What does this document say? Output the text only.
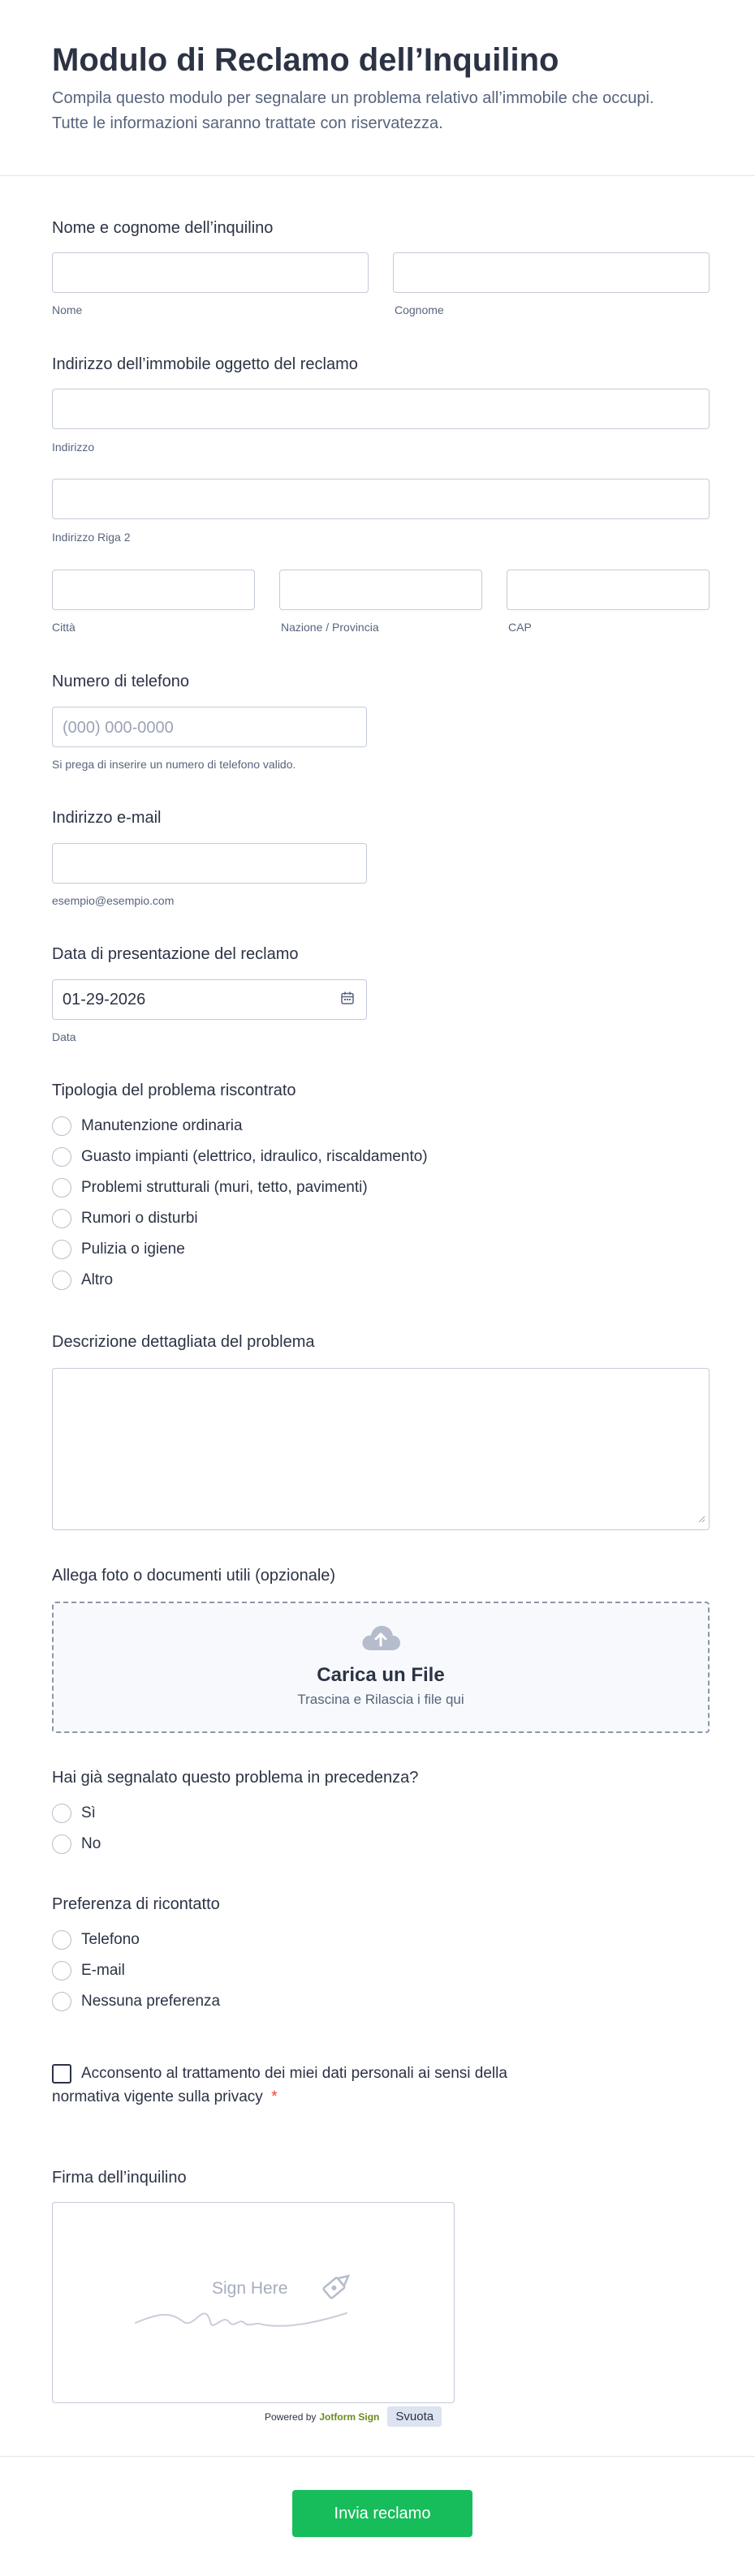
Modulo di Reclamo dell’Inquilino

Compila questo modulo per segnalare un problema relativo all’immobile che occupi.
Tutte le informazioni saranno trattate con riservatezza.

Nome e cognome dell’inquilino
Nome	Cognome
Indirizzo dell’immobile oggetto del reclamo
Indirizzo
Indirizzo Riga 2
Città	Nazione / Provincia	CAP
Numero di telefono
(000) 000-0000
Si prega di inserire un numero di telefono valido.
Indirizzo e-mail
esempio@esempio.com
Data di presentazione del reclamo
01-29-2026
Data
Tipologia del problema riscontrato
Manutenzione ordinaria
Guasto impianti (elettrico, idraulico, riscaldamento)
Problemi strutturali (muri, tetto, pavimenti)
Rumori o disturbi
Pulizia o igiene
Altro
Descrizione dettagliata del problema
Allega foto o documenti utili (opzionale)
Carica un File
Trascina e Rilascia i file qui
Hai già segnalato questo problema in precedenza?
Sì
No
Preferenza di ricontatto
Telefono
E-mail
Nessuna preferenza
Acconsento al trattamento dei miei dati personali ai sensi della
normativa vigente sulla privacy *
Firma dell’inquilino
Sign Here
Powered by Jotform Sign	Svuota
Invia reclamo
